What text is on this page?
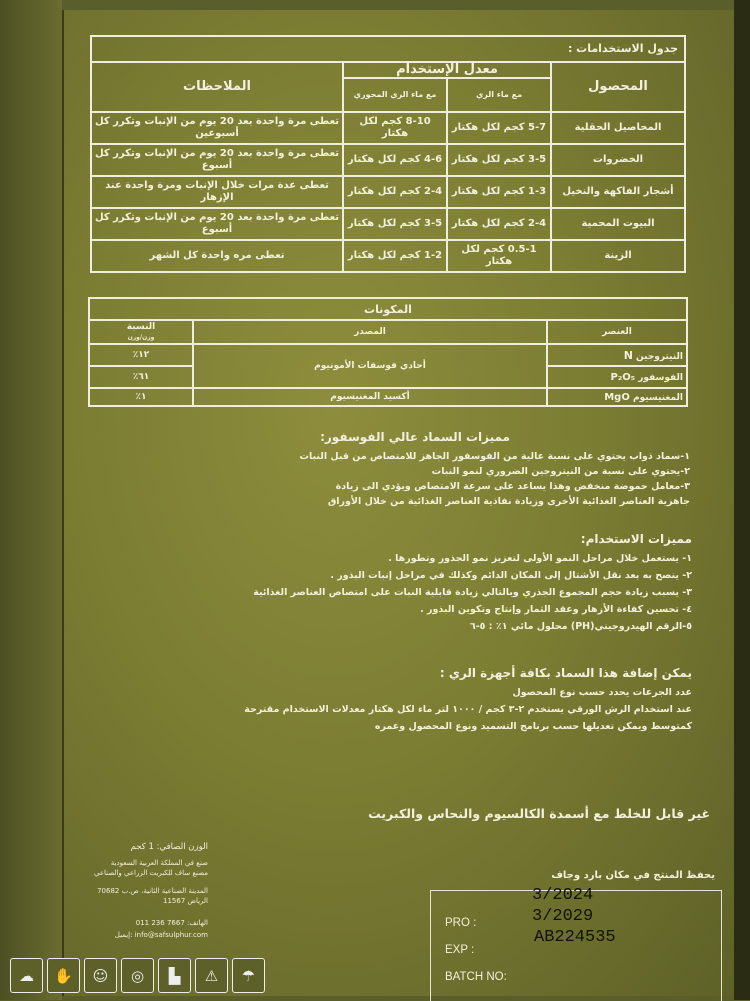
جدول الاستخدامات :			
المحصول	معدل الإستخدام		الملاحظات
	مع ماء الري	مع ماء الري المحوري	
المحاصيل الحقلية	5-7 كجم لكل هكتار	8-10 كجم لكل هكتار	تعطى مرة واحدة بعد 20 يوم من الإنبات وتكرر كل أسبوعين
الخضروات	3-5 كجم لكل هكتار	4-6 كجم لكل هكتار	تعطى مرة واحدة بعد 20 يوم من الإنبات وتكرر كل أسبوع
أشجار الفاكهة والنخيل	1-3 كجم لكل هكتار	2-4 كجم لكل هكتار	تعطى عدة مرات خلال الإنبات ومرة واحدة عند الإزهار
البيوت المحمية	2-4 كجم لكل هكتار	3-5 كجم لكل هكتار	تعطى مرة واحدة بعد 20 يوم من الإنبات وتكرر كل أسبوع
الزينة	0.5-1 كجم لكل هكتار	1-2 كجم لكل هكتار	تعطى مره واحدة كل الشهر
المكونات		
العنصر	المصدر	النسبة
وزن/وزن
النيتروجين N	أحادي فوسفات الأمونيوم	١٢٪
الفوسفور P₂O₅		٦١٪
المغنيسيوم MgO	أكسيد المغنيسيوم	١٪
مميزات السماد عالي الفوسفور:
١-سماد ذواب يحتوي على نسبة عالية من الفوسفور الجاهز للامتصاص من قبل النبات
٢-يحتوي على نسبة من النيتروجين الضروري لنمو النبات
٣-معامل حموضة منخفض وهذا يساعد على سرعة الامتصاص ويؤدي الى زيادة
جاهزية العناصر الغذائية الأخرى وزيادة نفاذية العناصر الغذائية من خلال الأوراق
مميزات الاستخدام:
١- يستعمل خلال مراحل النمو الأولى لتعزيز نمو الجذور وتطورها .
٢- ينصح به بعد نقل الأشتال إلى المكان الدائم وكذلك في مراحل إنبات البذور .
٣- يسبب زيادة حجم المجموع الجذري وبالتالي زيادة قابلية النبات على امتصاص العناصر الغذائية
٤- تحسين كفاءة الأزهار وعقد الثمار وإنتاج وتكوين البذور .
٥-الرقم الهيدروجيني(PH) محلول مائي ١٪ : ٥-٦
يمكن إضافة هذا السماد بكافة أجهزة الري :
عدد الجرعات يحدد حسب نوع المحصول
عند استخدام الرش الورقي يستخدم ٢-٣ كجم / ١٠٠٠ لتر ماء لكل هكتار معدلات الاستخدام مقترحة
كمتوسط ويمكن تعديلها حسب برنامج التسميد ونوع المحصول وعمره
غير قابل للخلط مع أسمدة الكالسيوم والنحاس والكبريت
الوزن الصافي: 1 كجم
صنع في المملكة العربية السعودية
مصنع ساف للكبريت الزراعي والصناعي
المدينة الصناعية الثانية، ص.ب 70682 الرياض 11567
الهاتف: 7667 236 011
info@safsulphur.com :إيميل
يحفظ المنتج في مكان بارد وجاف
PRO :
EXP :
BATCH NO:
3/2024
3/2029
AB224535
☁	✋	☺	◎	▙	⚠	☂
